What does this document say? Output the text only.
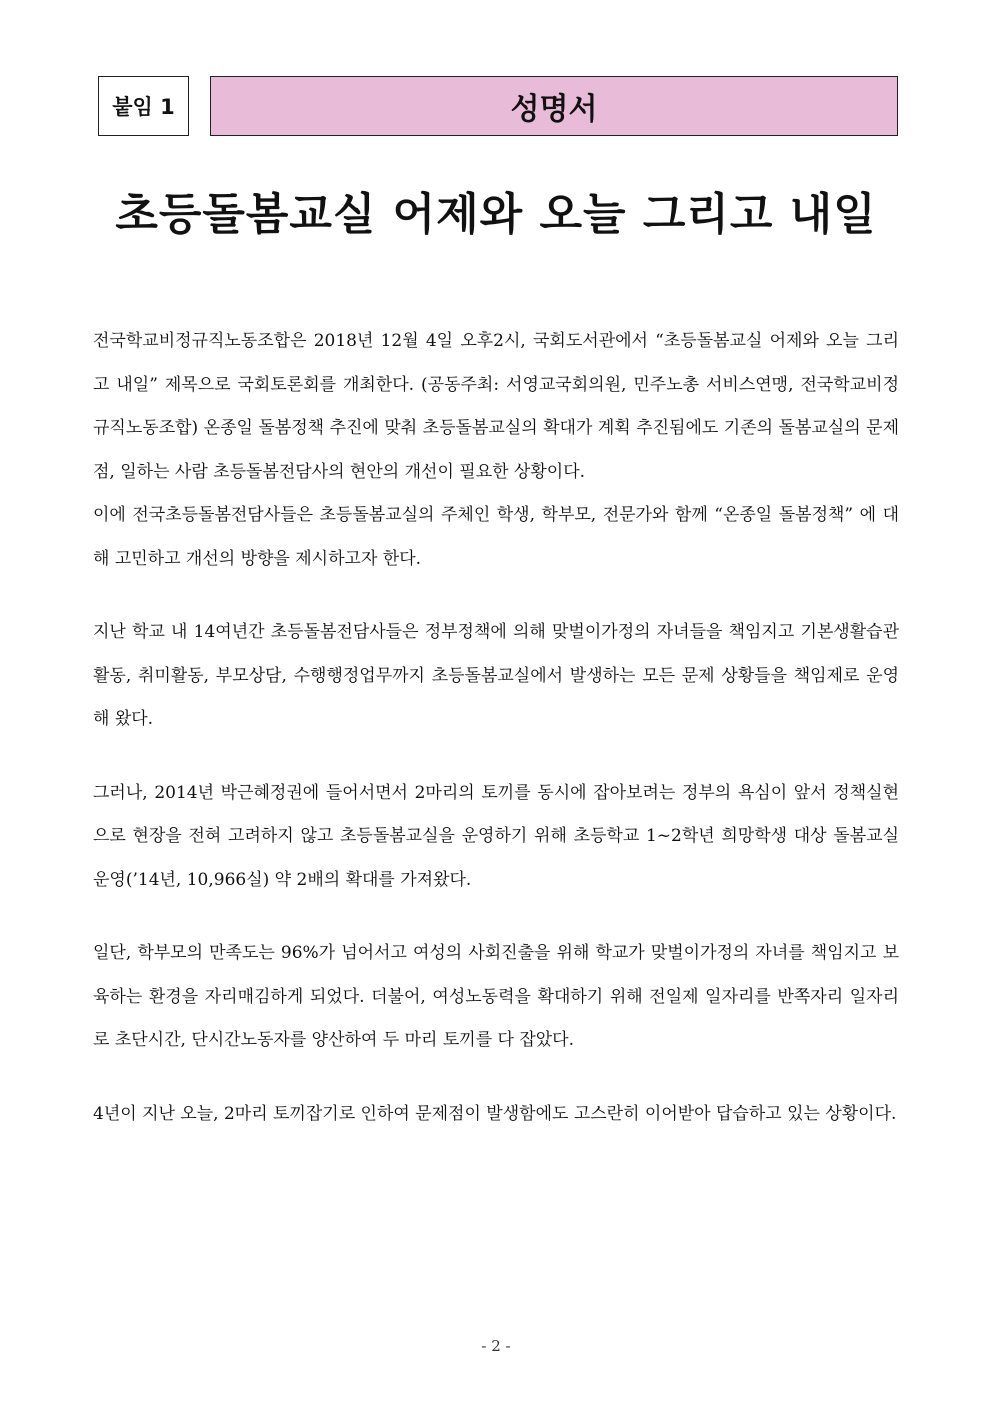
붙임 1	성명서
초등돌봄교실 어제와 오늘 그리고 내일

전국학교비정규직노동조합은 2018년 12월 4일 오후2시, 국회도서관에서 “초등돌봄교실 어제와 오늘 그리고 내일” 제목으로 국회토론회를 개최한다. (공동주최: 서영교국회의원, 민주노총 서비스연맹, 전국학교비정규직노동조합) 온종일 돌봄정책 추진에 맞춰 초등돌봄교실의 확대가 계획 추진됨에도 기존의 돌봄교실의 문제점, 일하는 사람 초등돌봄전담사의 현안의 개선이 필요한 상황이다.

이에 전국초등돌봄전담사들은 초등돌봄교실의 주체인 학생, 학부모, 전문가와 함께 “온종일 돌봄정책” 에 대해 고민하고 개선의 방향을 제시하고자 한다.

지난 학교 내 14여년간 초등돌봄전담사들은 정부정책에 의해 맞벌이가정의 자녀들을 책임지고 기본생활습관활동, 취미활동, 부모상담, 수행행정업무까지 초등돌봄교실에서 발생하는 모든 문제 상황들을 책임제로 운영해 왔다.

그러나, 2014년 박근혜정권에 들어서면서 2마리의 토끼를 동시에 잡아보려는 정부의 욕심이 앞서 정책실현으로 현장을 전혀 고려하지 않고 초등돌봄교실을 운영하기 위해 초등학교 1~2학년 희망학생 대상 돌봄교실 운영(’14년, 10,966실) 약 2배의 확대를 가져왔다.

일단, 학부모의 만족도는 96%가 넘어서고 여성의 사회진출을 위해 학교가 맞벌이가정의 자녀를 책임지고 보육하는 환경을 자리매김하게 되었다. 더불어, 여성노동력을 확대하기 위해 전일제 일자리를 반쪽자리 일자리로 초단시간, 단시간노동자를 양산하여 두 마리 토끼를 다 잡았다.

4년이 지난 오늘, 2마리 토끼잡기로 인하여 문제점이 발생함에도 고스란히 이어받아 답습하고 있는 상황이다.

- 2 -
